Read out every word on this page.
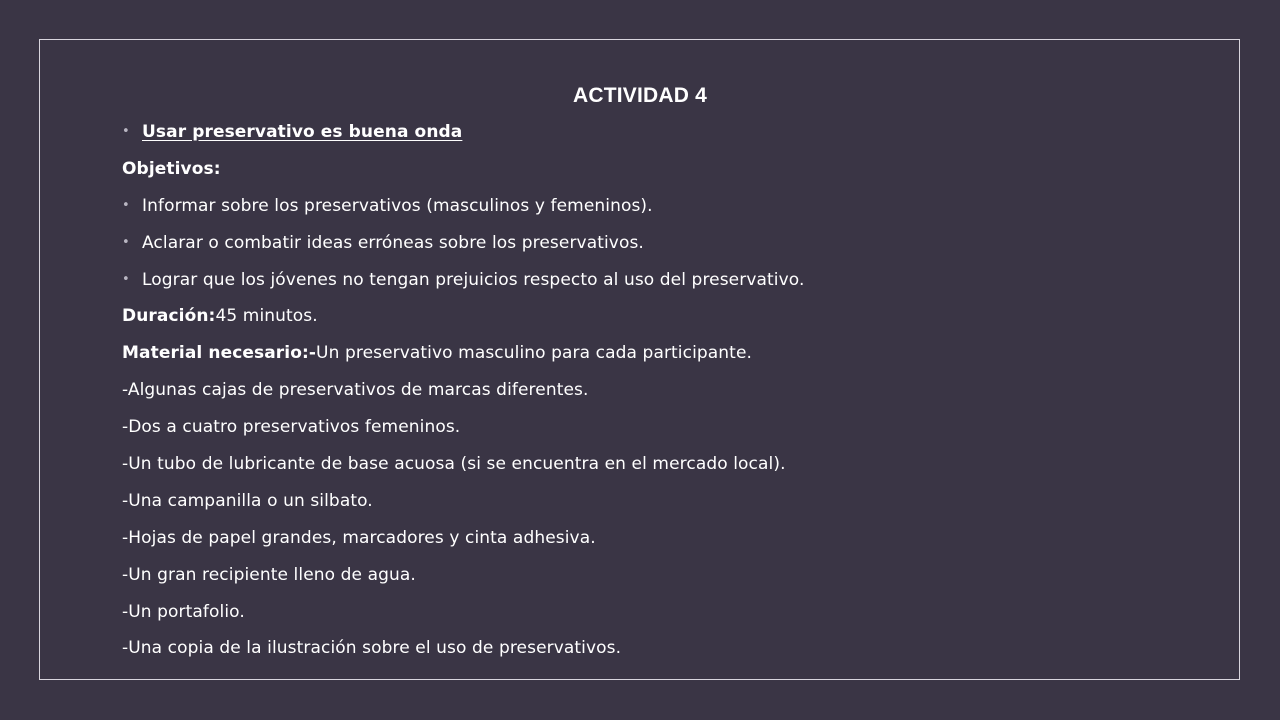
ACTIVIDAD 4
• Usar preservativo es buena onda
Objetivos:
• Informar sobre los preservativos (masculinos y femeninos).
• Aclarar o combatir ideas erróneas sobre los preservativos.
• Lograr que los jóvenes no tengan prejuicios respecto al uso del preservativo.
Duración:45 minutos.
Material necesario:-Un preservativo masculino para cada participante.
-Algunas cajas de preservativos de marcas diferentes.
-Dos a cuatro preservativos femeninos.
-Un tubo de lubricante de base acuosa (si se encuentra en el mercado local).
-Una campanilla o un silbato.
-Hojas de papel grandes, marcadores y cinta adhesiva.
-Un gran recipiente lleno de agua.
-Un portafolio.
-Una copia de la ilustración sobre el uso de preservativos.
